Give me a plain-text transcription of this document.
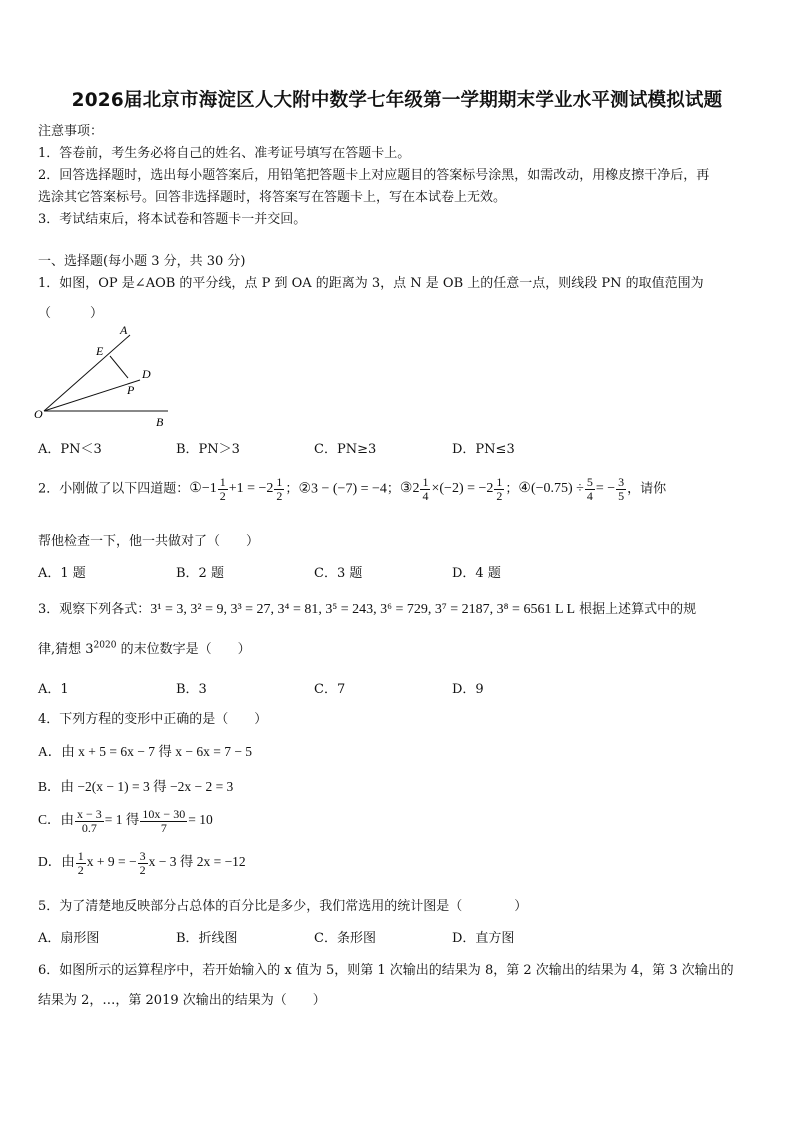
2026届北京市海淀区人大附中数学七年级第一学期期末学业水平测试模拟试题
注意事项：
1．答卷前，考生务必将自己的姓名、准考证号填写在答题卡上。
2．回答选择题时，选出每小题答案后，用铅笔把答题卡上对应题目的答案标号涂黑，如需改动，用橡皮擦干净后，再
选涂其它答案标号。回答非选择题时，将答案写在答题卡上，写在本试卷上无效。
3．考试结束后，将本试卷和答题卡一并交回。
一、选择题(每小题 3 分，共 30 分)
1．如图，OP 是∠AOB 的平分线，点 P 到 OA 的距离为 3，点 N 是 OB 上的任意一点，则线段 PN 的取值范围为
（　　　）
A
E
D
P
O
B
A．PN＜3	B．PN＞3	C．PN≥3	D．PN≤3
2．小刚做了以下四道题：①−1 $\frac{1}{2} +1 = -2 \frac{1}{2}$ ；②3 − (−7) = −4；③2 $\frac{1}{4} \times(-2) = -2 \frac{1}{2}$ ；④(−0.75) ÷ $\frac{5}{4}$ = − $\frac{3}{5}$ ，请你
帮他检查一下，他一共做对了（　　）
A．1 题	B．2 题	C．3 题	D．4 题
3．观察下列各式：3¹ = 3, 3² = 9, 3³ = 27, 3⁴ = 81, 3⁵ = 243, 3⁶ = 729, 3⁷ = 2187, 3⁸ = 6561 L L 根据上述算式中的规
律,猜想 $3^{2020}$ 的末位数字是（　　）
A．1	B．3	C．7	D．9
4．下列方程的变形中正确的是（　　）
A．由 x + 5 = 6x − 7 得 x − 6x = 7 − 5
B．由 −2(x − 1) = 3 得 −2x − 2 = 3
C．由 $\frac{x - 3}{0.7} = 1$ 得 $\frac{10x - 30}{7} = 10$
D．由 $\frac{1}{2}$ x + 9 = − $\frac{3}{2}$ x − 3 得 2x = −12
5．为了清楚地反映部分占总体的百分比是多少，我们常选用的统计图是（　　　　）
A．扇形图	B．折线图	C．条形图	D．直方图
6．如图所示的运算程序中，若开始输入的 x 值为 5，则第 1 次输出的结果为 8，第 2 次输出的结果为 4，第 3 次输出的
结果为 2，…，第 2019 次输出的结果为（　　）
